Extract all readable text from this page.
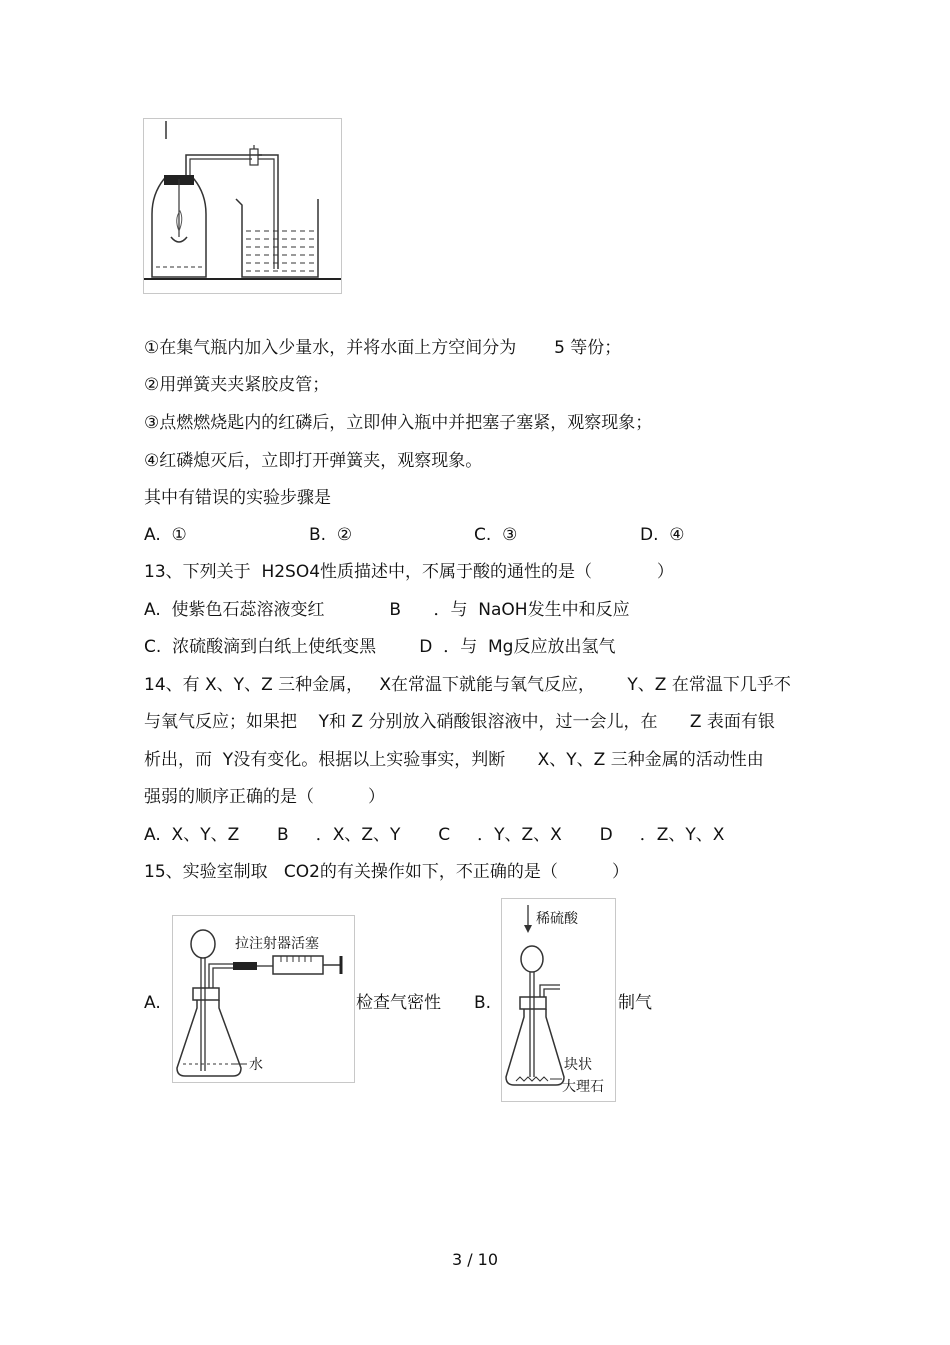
①在集气瓶内加入少量水，并将水面上方空间分为       5 等份；
②用弹簧夹夹紧胶皮管；
③点燃燃烧匙内的红磷后，立即伸入瓶中并把塞子塞紧，观察现象；
④红磷熄灭后，立即打开弹簧夹，观察现象。
其中有错误的实验步骤是
A.  ①	B.  ②	C.  ③	D.  ④
13、下列关于  H2SO4性质描述中，不属于酸的通性的是（            ）
A.  使紫色石蕊溶液变红            B      ．与  NaOH发生中和反应
C.  浓硫酸滴到白纸上使纸变黑        D  ．与  Mg反应放出氢气
14、有 X、Y、Z 三种金属，   X在常温下就能与氧气反应，      Y、Z 在常温下几乎不
与氧气反应；如果把    Y和 Z 分别放入硝酸银溶液中，过一会儿，在      Z 表面有银
析出，而  Y没有变化。根据以上实验事实，判断      X、Y、Z 三种金属的活动性由
强弱的顺序正确的是（          ）
A.  X、Y、Z       B     ．X、Z、Y       C     ．Y、Z、X       D     ．Z、Y、X
15、实验室制取   CO2的有关操作如下，不正确的是（          ）
A.
拉注射器活塞
水
检查气密性 B.
稀硫酸
块状
大理石
制气
3 / 10
